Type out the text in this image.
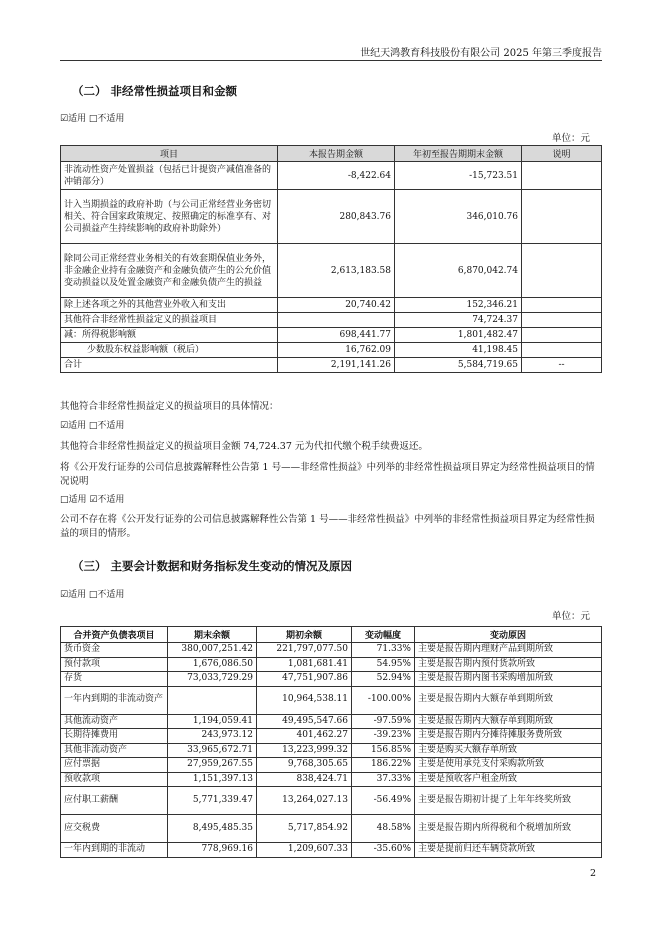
世纪天鸿教育科技股份有限公司 2025 年第三季度报告
（二） 非经常性损益项目和金额
☑适用 □不适用
单位：元
项目	本报告期金额	年初至报告期期末金额	说明
非流动性资产处置损益（包括已计提资产减值准备的冲销部分）	-8,422.64	-15,723.51	
计入当期损益的政府补助（与公司正常经营业务密切相关、符合国家政策规定、按照确定的标准享有、对公司损益产生持续影响的政府补助除外）	280,843.76	346,010.76	
除同公司正常经营业务相关的有效套期保值业务外，非金融企业持有金融资产和金融负债产生的公允价值变动损益以及处置金融资产和金融负债产生的损益	2,613,183.58	6,870,042.74	
除上述各项之外的其他营业外收入和支出	20,740.42	152,346.21	
其他符合非经常性损益定义的损益项目		74,724.37	
减：所得税影响额	698,441.77	1,801,482.47	
少数股东权益影响额（税后）	16,762.09	41,198.45	
合计	2,191,141.26	5,584,719.65	--
其他符合非经常性损益定义的损益项目的具体情况：
☑适用 □不适用
其他符合非经常性损益定义的损益项目金额 74,724.37 元为代扣代缴个税手续费返还。
将《公开发行证券的公司信息披露解释性公告第 1 号——非经常性损益》中列举的非经常性损益项目界定为经常性损益项目的情况说明
□适用 ☑不适用
公司不存在将《公开发行证券的公司信息披露解释性公告第 1 号——非经常性损益》中列举的非经常性损益项目界定为经常性损益的项目的情形。
（三） 主要会计数据和财务指标发生变动的情况及原因
☑适用 □不适用
单位：元
合并资产负债表项目	期末余额	期初余额	变动幅度	变动原因
货币资金	380,007,251.42	221,797,077.50	71.33%	主要是报告期内理财产品到期所致
预付款项	1,676,086.50	1,081,681.41	54.95%	主要是报告期内预付货款所致
存货	73,033,729.29	47,751,907.86	52.94%	主要是报告期内图书采购增加所致
一年内到期的非流动资产		10,964,538.11	-100.00%	主要是报告期内大额存单到期所致
其他流动资产	1,194,059.41	49,495,547.66	-97.59%	主要是报告期内大额存单到期所致
长期待摊费用	243,973.12	401,462.27	-39.23%	主要是报告期内分摊待摊服务费所致
其他非流动资产	33,965,672.71	13,223,999.32	156.85%	主要是购买大额存单所致
应付票据	27,959,267.55	9,768,305.65	186.22%	主要是使用承兑支付采购款所致
预收款项	1,151,397.13	838,424.71	37.33%	主要是预收客户租金所致
应付职工薪酬	5,771,339.47	13,264,027.13	-56.49%	主要是报告期初计提了上年年终奖所致
应交税费	8,495,485.35	5,717,854.92	48.58%	主要是报告期内所得税和个税增加所致
一年内到期的非流动	778,969.16	1,209,607.33	-35.60%	主要是提前归还车辆贷款所致
2
